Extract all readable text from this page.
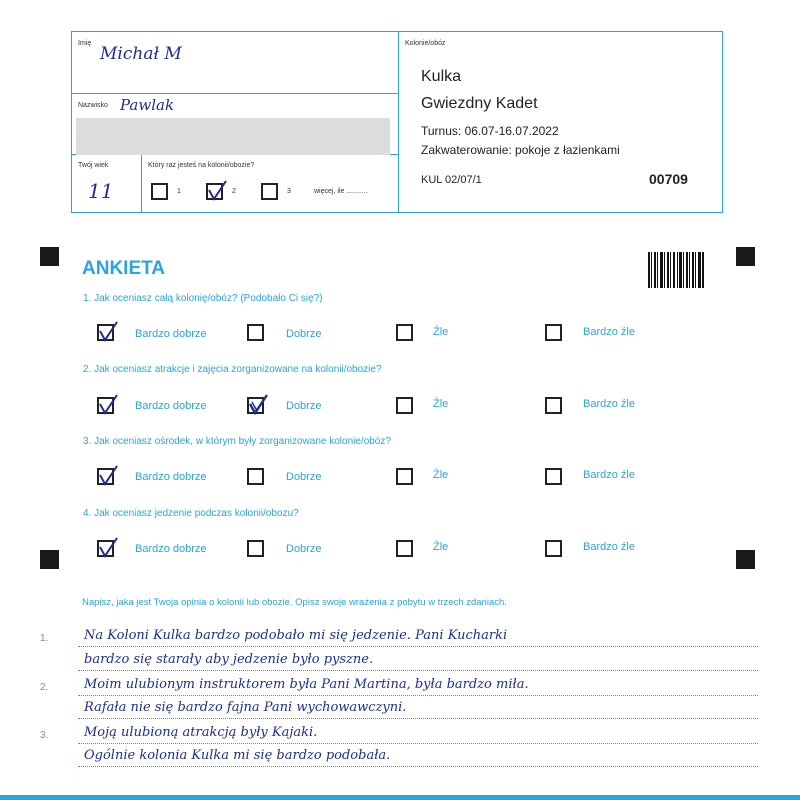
Imię
Michał M
Nazwisko Pawlak
Twój wiek
11
Który raz jesteś na kolonii/obozie?
1	2	3	więcej, ile ...........
Kolonie/obóz
Kulka
Gwiezdny Kadet
Turnus: 06.07-16.07.2022
Zakwaterowanie: pokoje z łazienkami
KUL 02/07/1	00709
ANKIETA
1. Jak oceniasz całą kolonię/obóz? (Podobało Ci się?)
Bardzo dobrze	Dobrze	Źle	Bardzo źle
2. Jak oceniasz atrakcje i zajęcia zorganizowane na kolonii/obozie?
Bardzo dobrze	Dobrze	Źle	Bardzo źle
3. Jak oceniasz ośrodek, w którym były zorganizowane kolonie/obóz?
Bardzo dobrze	Dobrze	Źle	Bardzo źle
4. Jak oceniasz jedzenie podczas kolonii/obozu?
Bardzo dobrze	Dobrze	Źle	Bardzo źle
Napisz, jaka jest Twoja opinia o kolonii lub obozie. Opisz swoje wrażenia z pobytu w trzech zdaniach.
1.
2.
3.
Na Koloni Kulka bardzo podobało mi się jedzenie. Pani Kucharki
bardzo się starały aby jedzenie było pyszne.
Moim ulubionym instruktorem była Pani Martina, była bardzo miła.
Rafała nie się bardzo fajna Pani wychowawczyni.
Moją ulubioną atrakcją były Kajaki.
Ogólnie kolonia Kulka mi się bardzo podobała.
